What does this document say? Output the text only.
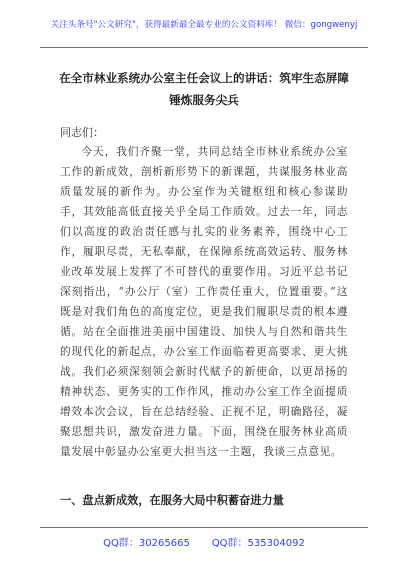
关注头条号"公文研究"，获得最新最全最专业的公文资料库！ 微信：gongwenyj
在全市林业系统办公室主任会议上的讲话：筑牢生态屏障
锤炼服务尖兵
同志们：
今天，我们齐聚一堂，共同总结全市林业系统办公室工作的新成效，剖析新形势下的新课题，共谋服务林业高质量发展的新作为。办公室作为关键枢纽和核心参谋助手，其效能高低直接关乎全局工作质效。过去一年，同志们以高度的政治责任感与扎实的业务素养，围绕中心工作，履职尽责，无私奉献，在保障系统高效运转、服务林业改革发展上发挥了不可替代的重要作用。习近平总书记深刻指出，“办公厅（室）工作责任重大，位置重要。”这既是对我们角色的高度定位，更是我们履职尽责的根本遵循。站在全面推进美丽中国建设、加快人与自然和谐共生的现代化的新起点，办公室工作面临着更高要求、更大挑战。我们必须深刻领会新时代赋予的新使命，以更昂扬的精神状态、更务实的工作作风，推动办公室工作全面提质增效本次会议，旨在总结经验、正视不足，明确路径，凝聚思想共识，激发奋进力量。下面，围绕在服务林业高质量发展中彰显办公室更大担当这一主题，我谈三点意见。
一、盘点新成效，在服务大局中积蓄奋进力量
QQ群：30265665 QQ群：535304092
